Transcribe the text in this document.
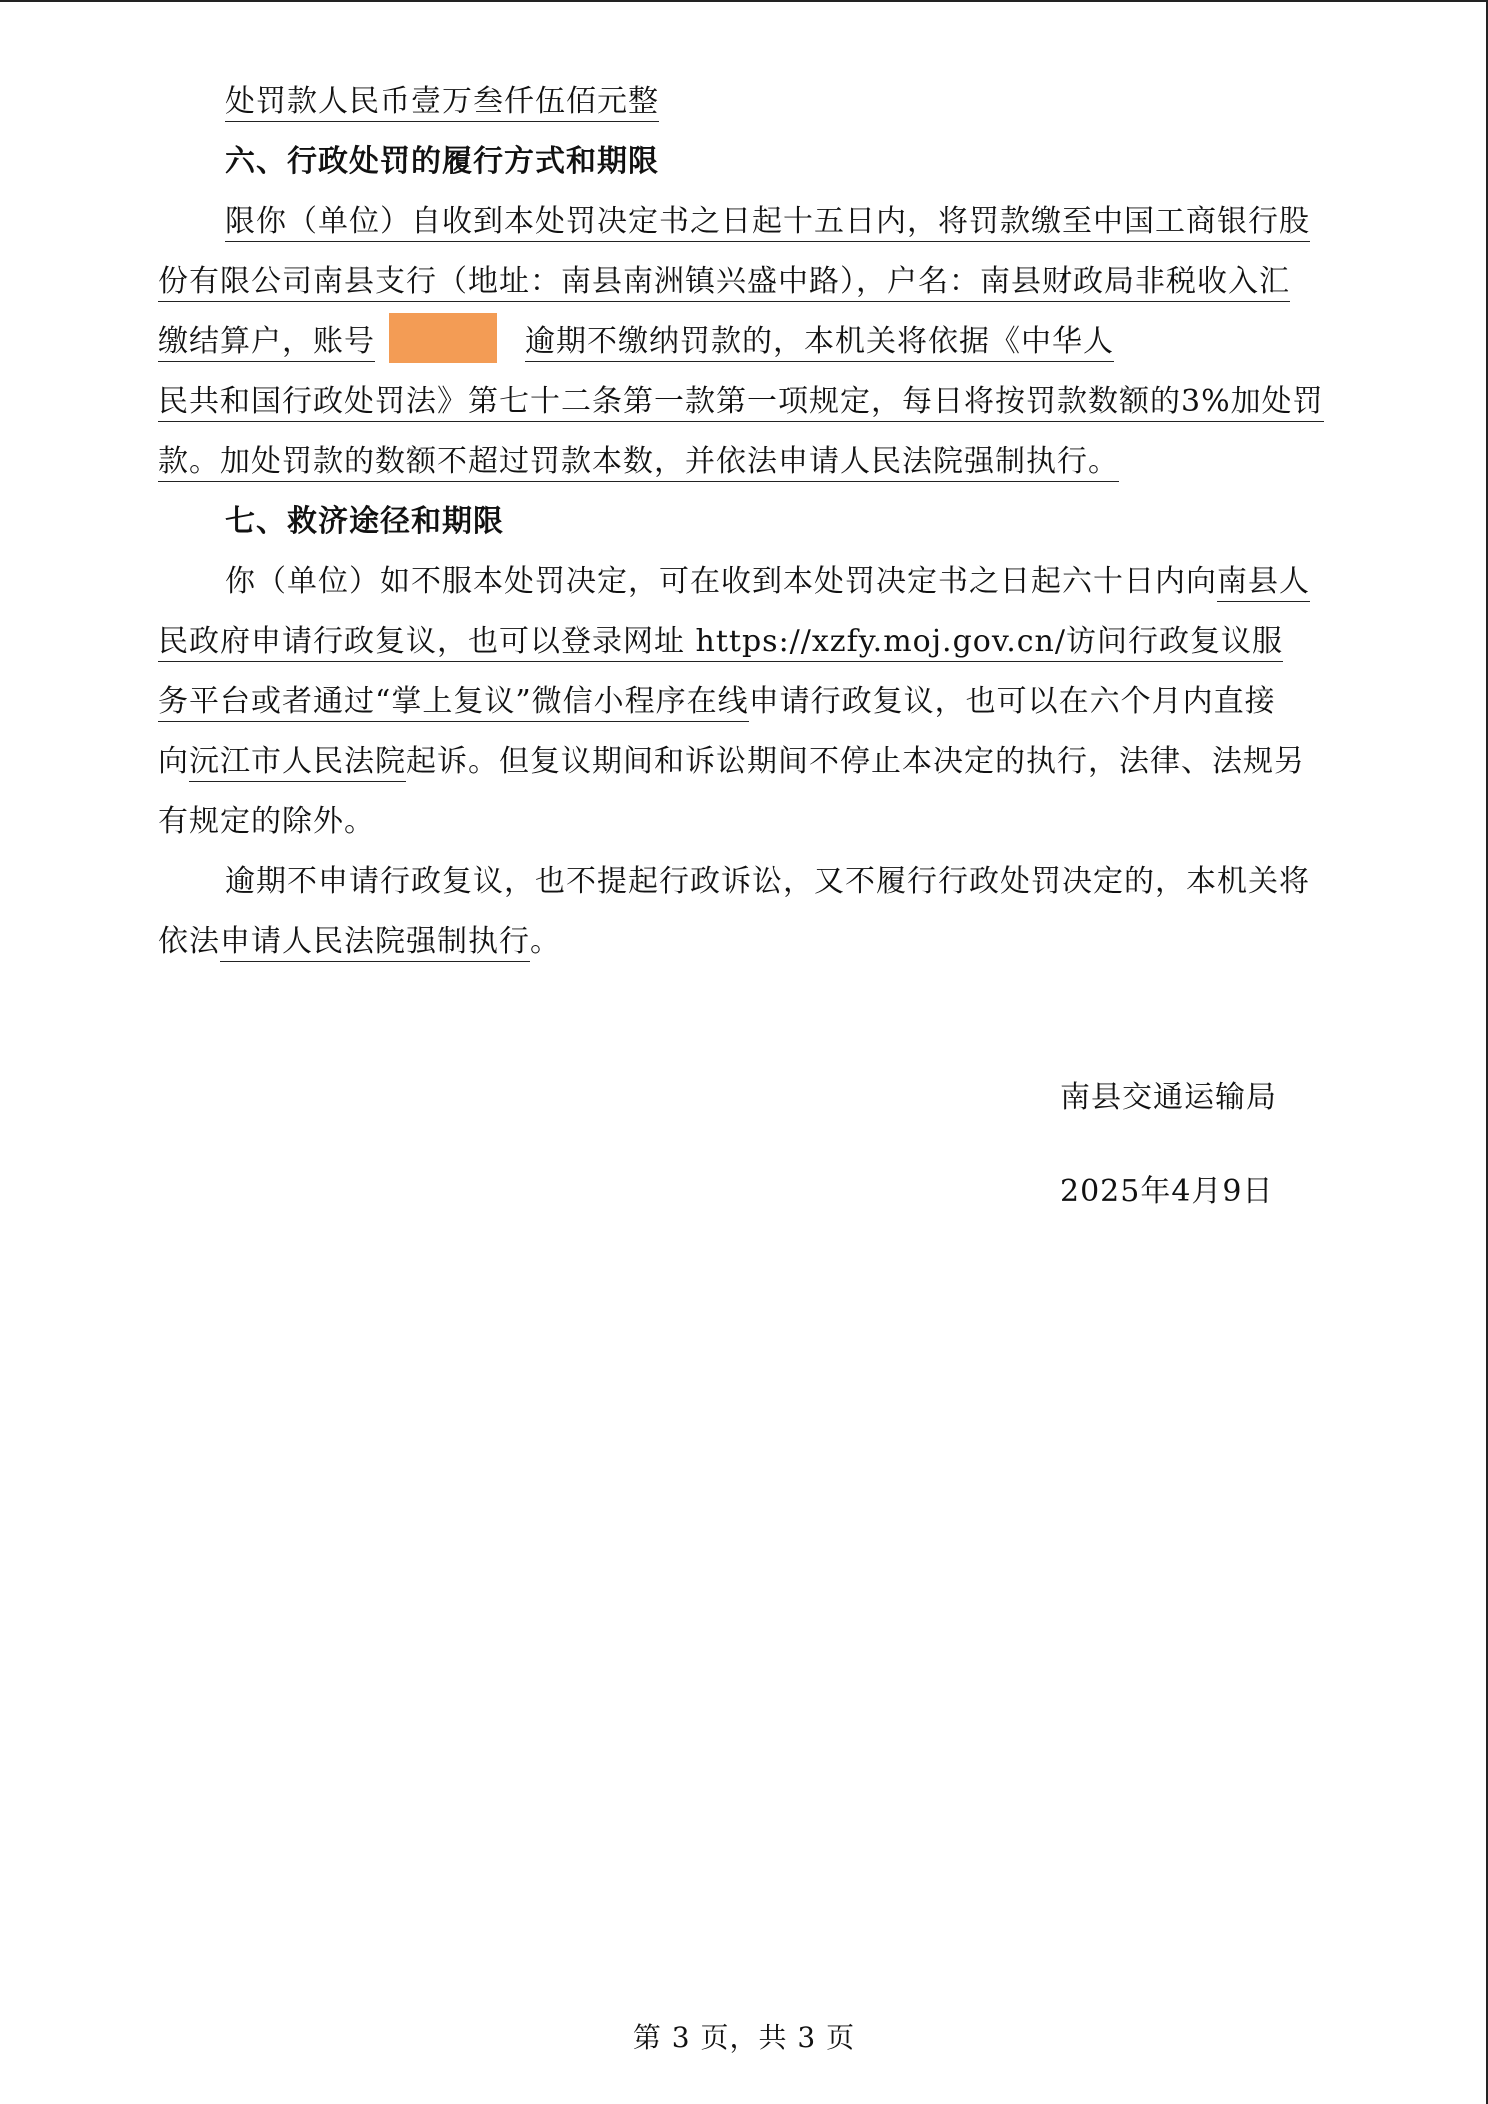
处罚款人民币壹万叁仟伍佰元整
六、行政处罚的履行方式和期限
限你（单位）自收到本处罚决定书之日起十五日内，将罚款缴至中国工商银行股
份有限公司南县支行（地址：南县南洲镇兴盛中路），户名：南县财政局非税收入汇
缴结算户，账号	逾期不缴纳罚款的，本机关将依据《中华人
民共和国行政处罚法》第七十二条第一款第一项规定，每日将按罚款数额的3%加处罚
款。加处罚款的数额不超过罚款本数，并依法申请人民法院强制执行。
七、救济途径和期限
你（单位）如不服本处罚决定，可在收到本处罚决定书之日起六十日内向南县人
民政府申请行政复议，也可以登录网址 https://xzfy.moj.gov.cn/访问行政复议服
务平台或者通过“掌上复议”微信小程序在线申请行政复议，也可以在六个月内直接
向沅江市人民法院起诉。但复议期间和诉讼期间不停止本决定的执行，法律、法规另
有规定的除外。
逾期不申请行政复议，也不提起行政诉讼，又不履行行政处罚决定的，本机关将
依法申请人民法院强制执行。
南县交通运输局
2025年4月9日
第 3 页，共 3 页
